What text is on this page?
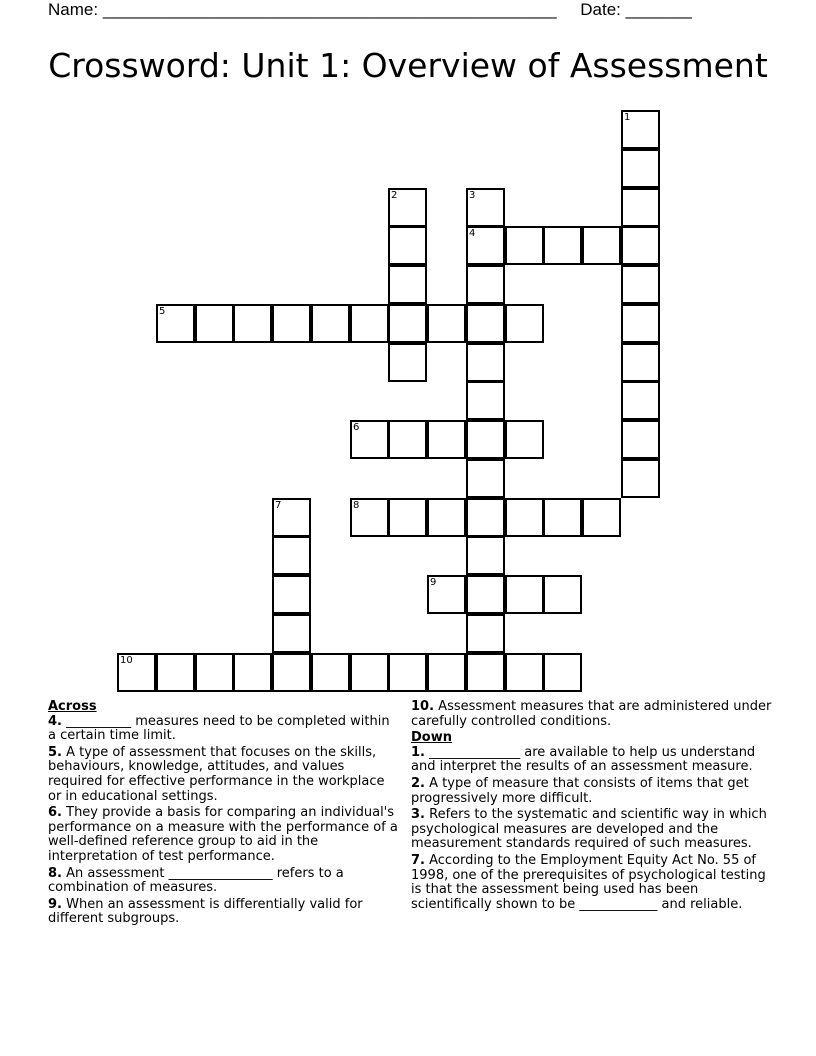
Name: ________________________________________________ Date: _______
Crossword: Unit 1: Overview of Assessment
1
2	3
4
5
6
7	8
9
10
Across
4. __________ measures need to be completed within a certain time limit.
5. A type of assessment that focuses on the skills, behaviours, knowledge, attitudes, and values required for effective performance in the workplace or in educational settings.
6. They provide a basis for comparing an individual's performance on a measure with the performance of a well-defined reference group to aid in the interpretation of test performance.
8. An assessment ________________ refers to a combination of measures.
9. When an assessment is differentially valid for different subgroups.
10. Assessment measures that are administered under carefully controlled conditions.
Down
1. ______________ are available to help us understand and interpret the results of an assessment measure.
2. A type of measure that consists of items that get progressively more difficult.
3. Refers to the systematic and scientific way in which psychological measures are developed and the measurement standards required of such measures.
7. According to the Employment Equity Act No. 55 of 1998, one of the prerequisites of psychological testing is that the assessment being used has been scientifically shown to be ____________ and reliable.
